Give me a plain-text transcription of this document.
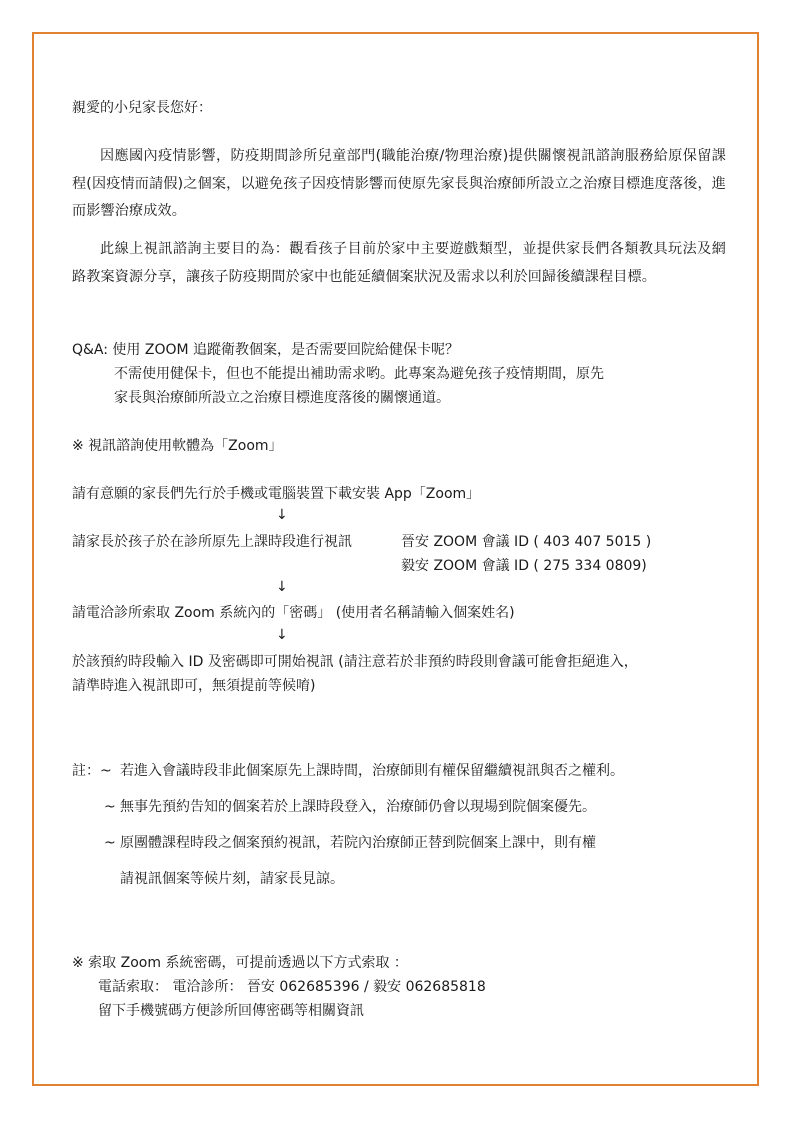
親愛的小兒家長您好：

因應國內疫情影響，防疫期間診所兒童部門(職能治療/物理治療)提供關懷視訊諮詢服務給原保留課程(因疫情而請假)之個案，以避免孩子因疫情影響而使原先家長與治療師所設立之治療目標進度落後，進而影響治療成效。

此線上視訊諮詢主要目的為：觀看孩子目前於家中主要遊戲類型，並提供家長們各類教具玩法及網路教案資源分享，讓孩子防疫期間於家中也能延續個案狀況及需求以利於回歸後續課程目標。

Q&A: 使用 ZOOM 追蹤衛教個案，是否需要回院給健保卡呢？
不需使用健保卡，但也不能提出補助需求哟。此專案為避免孩子疫情期間，原先
家長與治療師所設立之治療目標進度落後的關懷通道。
※ 視訊諮詢使用軟體為「Zoom」
請有意願的家長們先行於手機或電腦裝置下載安裝 App「Zoom」
↓
請家長於孩子於在診所原先上課時段進行視訊	晉安 ZOOM 會議 ID ( 403 407 5015 )
毅安 ZOOM 會議 ID ( 275 334 0809)
↓
請電洽診所索取 Zoom 系統內的「密碼」 (使用者名稱請輸入個案姓名)
↓
於該預約時段輸入 ID 及密碼即可開始視訊 (請注意若於非預約時段則會議可能會拒絕進入，
請準時進入視訊即可，無須提前等候唷)
註：~ 若進入會議時段非此個案原先上課時間，治療師則有權保留繼續視訊與否之權利。
~ 無事先預約告知的個案若於上課時段登入，治療師仍會以現場到院個案優先。
~ 原團體課程時段之個案預約視訊，若院內治療師正替到院個案上課中，則有權
請視訊個案等候片刻，請家長見諒。
※ 索取 Zoom 系統密碼，可提前透過以下方式索取 ：
電話索取： 電洽診所： 晉安 062685396 / 毅安 062685818
留下手機號碼方便診所回傳密碼等相關資訊
